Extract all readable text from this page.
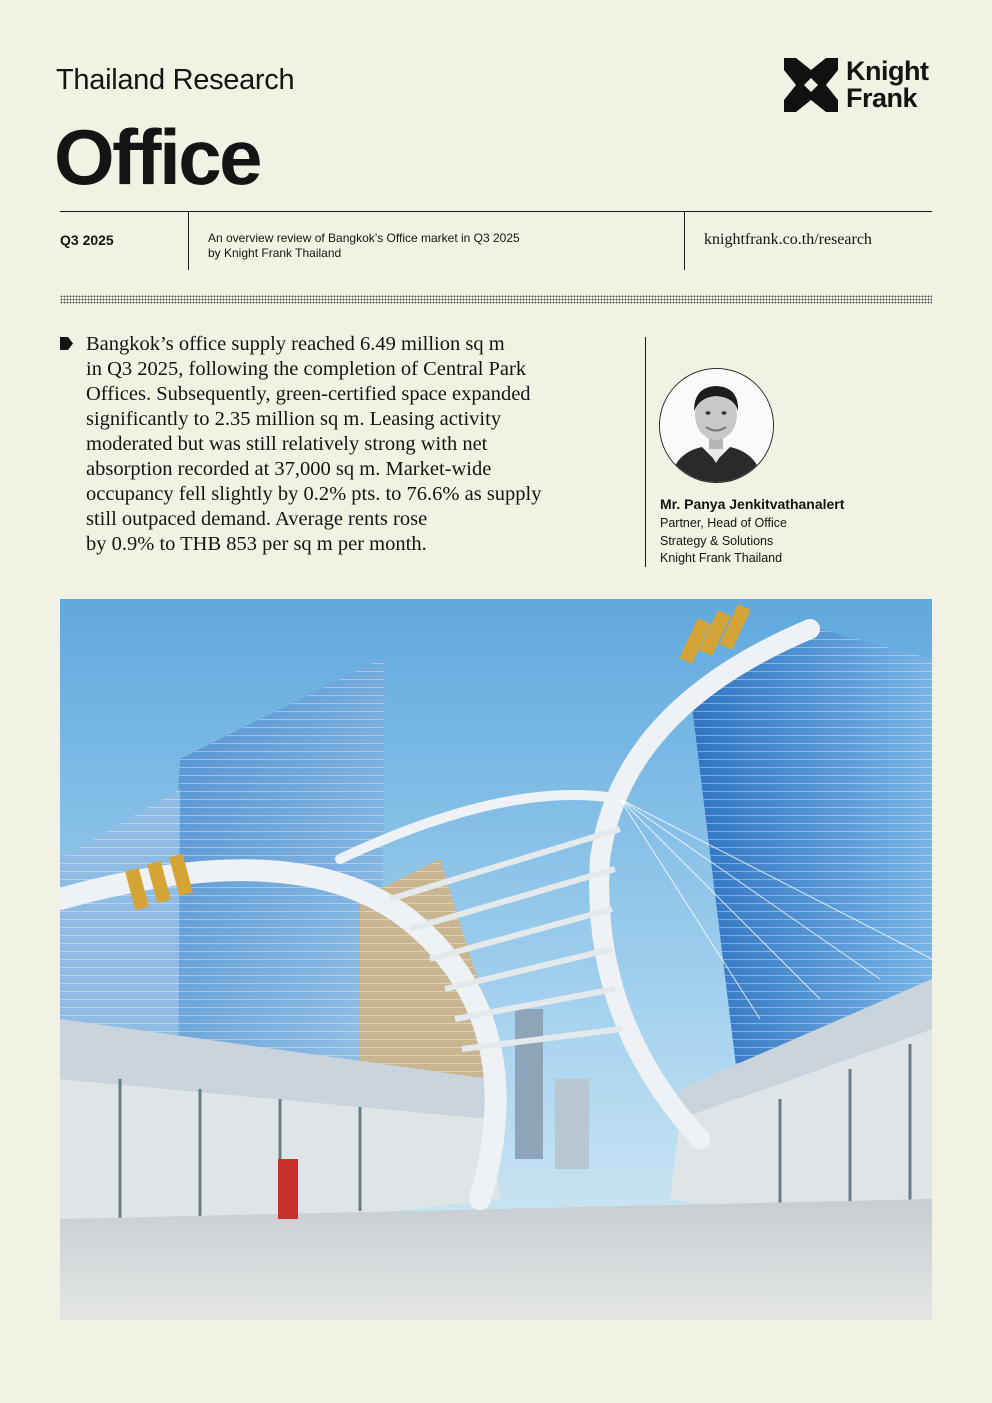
Thailand Research
Office
Knight
Frank
Q3 2025	An overview review of Bangkok’s Office market in Q3 2025
by Knight Frank Thailand
knightfrank.co.th/research
Bangkok’s office supply reached 6.49 million sq m
in Q3 2025, following the completion of Central Park
Offices. Subsequently, green-certified space expanded
significantly to 2.35 million sq m. Leasing activity
moderated but was still relatively strong with net
absorption recorded at 37,000 sq m. Market-wide
occupancy fell slightly by 0.2% pts. to 76.6% as supply
still outpaced demand. Average rents rose
by 0.9% to THB 853 per sq m per month.
Mr. Panya Jenkitvathanalert
Partner, Head of Office
Strategy & Solutions
Knight Frank Thailand
